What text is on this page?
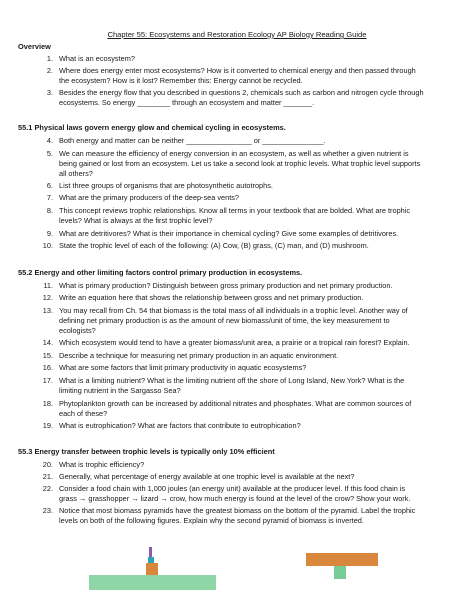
Chapter 55: Ecosystems and Restoration Ecology AP Biology Reading Guide
Overview
1. What is an ecosystem?
2. Where does energy enter most ecosystems? How is it converted to chemical energy and then passed through
the ecosystem? How is it lost? Remember this: Energy cannot be recycled.
3. Besides the energy flow that you described in questions 2, chemicals such as carbon and nitrogen cycle through
ecosystems. So energy ________ through an ecosystem and matter _______.
55.1 Physical laws govern energy glow and chemical cycling in ecosystems.
4. Both energy and matter can be neither ________________ or _______________.
5. We can measure the efficiency of energy conversion in an ecosystem, as well as whether a given nutrient is
being gained or lost from an ecosystem. Let us take a second look at trophic levels. What trophic level supports
all others?
6. List three groups of organisms that are photosynthetic autotrophs.
7. What are the primary producers of the deep-sea vents?
8. This concept reviews trophic relationships. Know all terms in your textbook that are bolded. What are trophic
levels? What is always at the first trophic level?
9. What are detritivores? What is their importance in chemical cycling? Give some examples of detritivores.
10. State the trophic level of each of the following: (A) Cow, (B) grass, (C) man, and (D) mushroom.
55.2 Energy and other limiting factors control primary production in ecosystems.
11. What is primary production? Distinguish between gross primary production and net primary production.
12. Write an equation here that shows the relationship between gross and net primary production.
13. You may recall from Ch. 54 that biomass is the total mass of all individuals in a trophic level. Another way of
defining net primary production is as the amount of new biomass/unit of time, the key measurement to
ecologists?
14. Which ecosystem would tend to have a greater biomass/unit area, a prairie or a tropical rain forest? Explain.
15. Describe a technique for measuring net primary production in an aquatic environment.
16. What are some factors that limit primary productivity in aquatic ecosystems?
17. What is a limiting nutrient? What is the limiting nutrient off the shore of Long Island, New York? What is the
limiting nutrient in the Sargasso Sea?
18. Phytoplankton growth can be increased by additional nitrates and phosphates. What are common sources of
each of these?
19. What is eutrophication? What are factors that contribute to eutrophication?
55.3 Energy transfer between trophic levels is typically only 10% efficient
20. What is trophic efficiency?
21. Generally, what percentage of energy available at one trophic level is available at the next?
22. Consider a food chain with 1,000 joules (an energy unit) available at the producer level. If this food chain is
grass → grasshopper → lizard → crow, how much energy is found at the level of the crow? Show your work.
23. Notice that most biomass pyramids have the greatest biomass on the bottom of the pyramid. Label the trophic
levels on both of the following figures. Explain why the second pyramid of biomass is inverted.
